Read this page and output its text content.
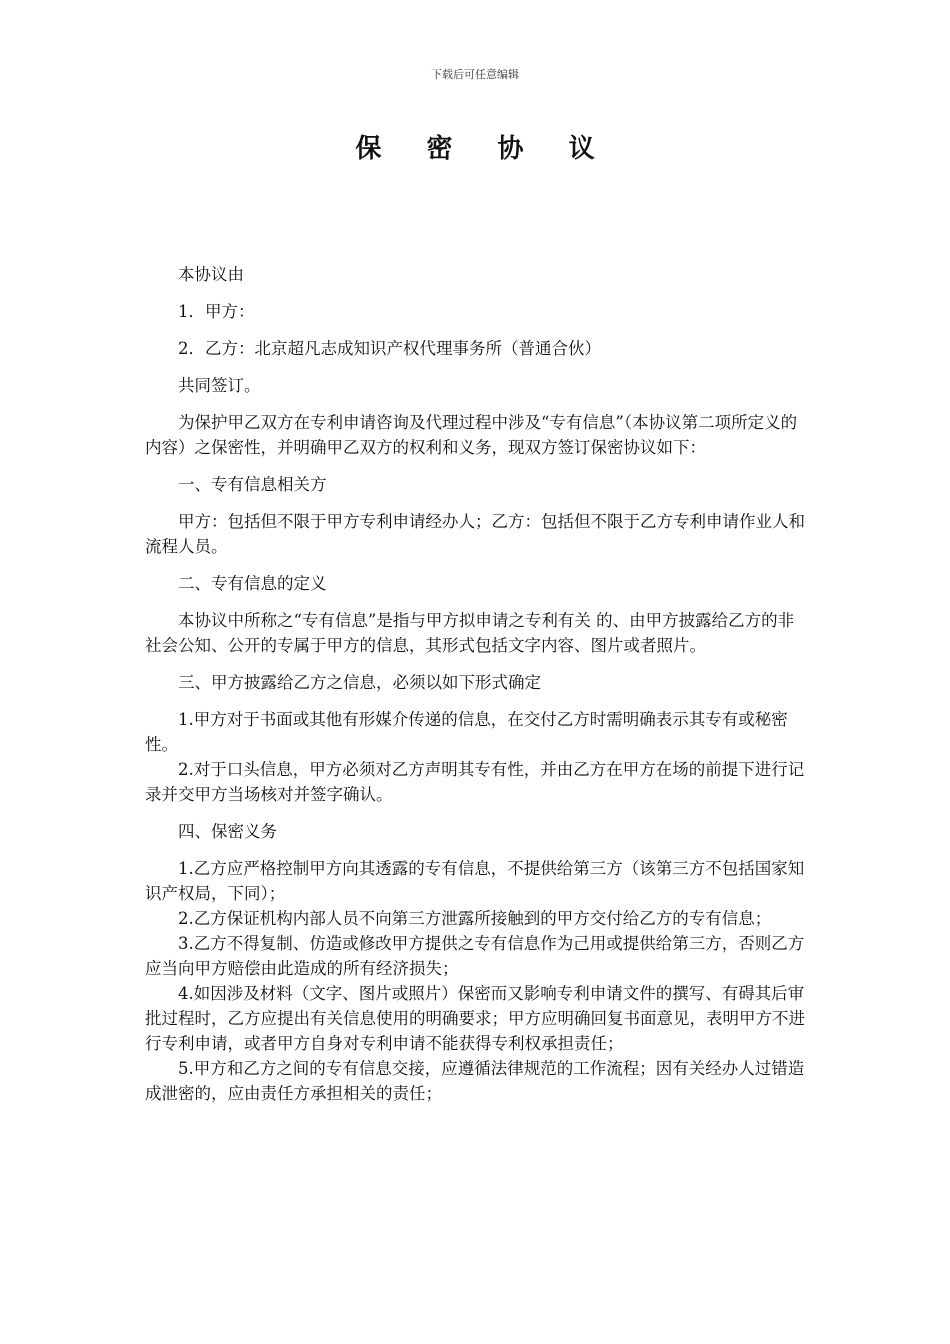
下载后可任意编辑
保 密 协 议

本协议由

1．甲方：

2．乙方：北京超凡志成知识产权代理事务所（普通合伙）

共同签订。

为保护甲乙双方在专利申请咨询及代理过程中涉及“专有信息”（本协议第二项所定义的内容）之保密性，并明确甲乙双方的权利和义务，现双方签订保密协议如下：

一、专有信息相关方

甲方：包括但不限于甲方专利申请经办人；乙方：包括但不限于乙方专利申请作业人和流程人员。

二、专有信息的定义

本协议中所称之“专有信息”是指与甲方拟申请之专利有关 的、由甲方披露给乙方的非社会公知、公开的专属于甲方的信息，其形式包括文字内容、图片或者照片。

三、甲方披露给乙方之信息，必须以如下形式确定

1.甲方对于书面或其他有形媒介传递的信息，在交付乙方时需明确表示其专有或秘密性。

2.对于口头信息，甲方必须对乙方声明其专有性，并由乙方在甲方在场的前提下进行记录并交甲方当场核对并签字确认。

四、保密义务

1.乙方应严格控制甲方向其透露的专有信息，不提供给第三方（该第三方不包括国家知识产权局，下同）；

2.乙方保证机构内部人员不向第三方泄露所接触到的甲方交付给乙方的专有信息；

3.乙方不得复制、仿造或修改甲方提供之专有信息作为己用或提供给第三方，否则乙方应当向甲方赔偿由此造成的所有经济损失；

4.如因涉及材料（文字、图片或照片）保密而又影响专利申请文件的撰写、有碍其后审批过程时，乙方应提出有关信息使用的明确要求；甲方应明确回复书面意见，表明甲方不进行专利申请，或者甲方自身对专利申请不能获得专利权承担责任；

5.甲方和乙方之间的专有信息交接，应遵循法律规范的工作流程；因有关经办人过错造成泄密的，应由责任方承担相关的责任；
